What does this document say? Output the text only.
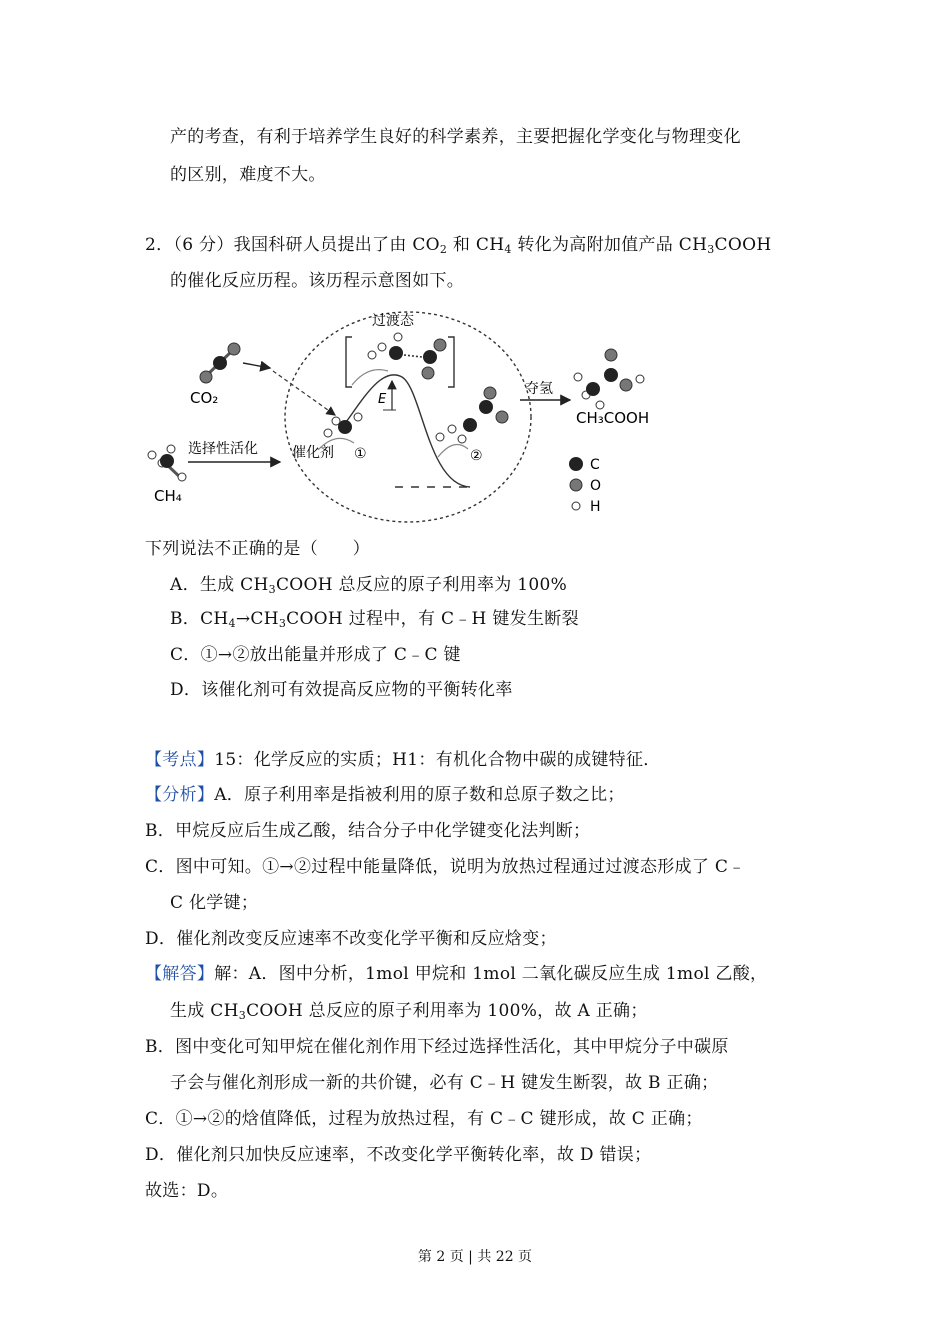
产的考查，有利于培养学生良好的科学素养，主要把握化学变化与物理变化
的区别，难度不大。
2．（6 分）我国科研人员提出了由 $CO_2$ 和 $CH_4$ 转化为高附加值产品 $CH_3COOH$
的催化反应历程。该历程示意图如下。
CO₂
CH₄
选择性活化
E
过渡态
催化剂 ①	②
夺氢
CH₃COOH
C
O
H
下列说法不正确的是（　　）
A．生成 $CH_3COOH$ 总反应的原子利用率为 100%
B．$CH_4\to CH_3COOH$ 过程中，有 C﹣H 键发生断裂
C．①→②放出能量并形成了 C﹣C 键
D．该催化剂可有效提高反应物的平衡转化率
【考点】15：化学反应的实质；H1：有机化合物中碳的成键特征．
【分析】A．原子利用率是指被利用的原子数和总原子数之比；
B．甲烷反应后生成乙酸，结合分子中化学键变化法判断；
C．图中可知。①→②过程中能量降低，说明为放热过程通过过渡态形成了 C﹣
C 化学键；
D．催化剂改变反应速率不改变化学平衡和反应焓变；
【解答】解：A．图中分析，1mol 甲烷和 1mol 二氧化碳反应生成 1mol 乙酸，
生成 $CH_3COOH$ 总反应的原子利用率为 100%，故 A 正确；
B．图中变化可知甲烷在催化剂作用下经过选择性活化，其中甲烷分子中碳原
子会与催化剂形成一新的共价键，必有 C﹣H 键发生断裂，故 B 正确；
C．①→②的焓值降低，过程为放热过程，有 C﹣C 键形成，故 C 正确；
D．催化剂只加快反应速率，不改变化学平衡转化率，故 D 错误；
故选：D。
第 2 页 | 共 22 页
